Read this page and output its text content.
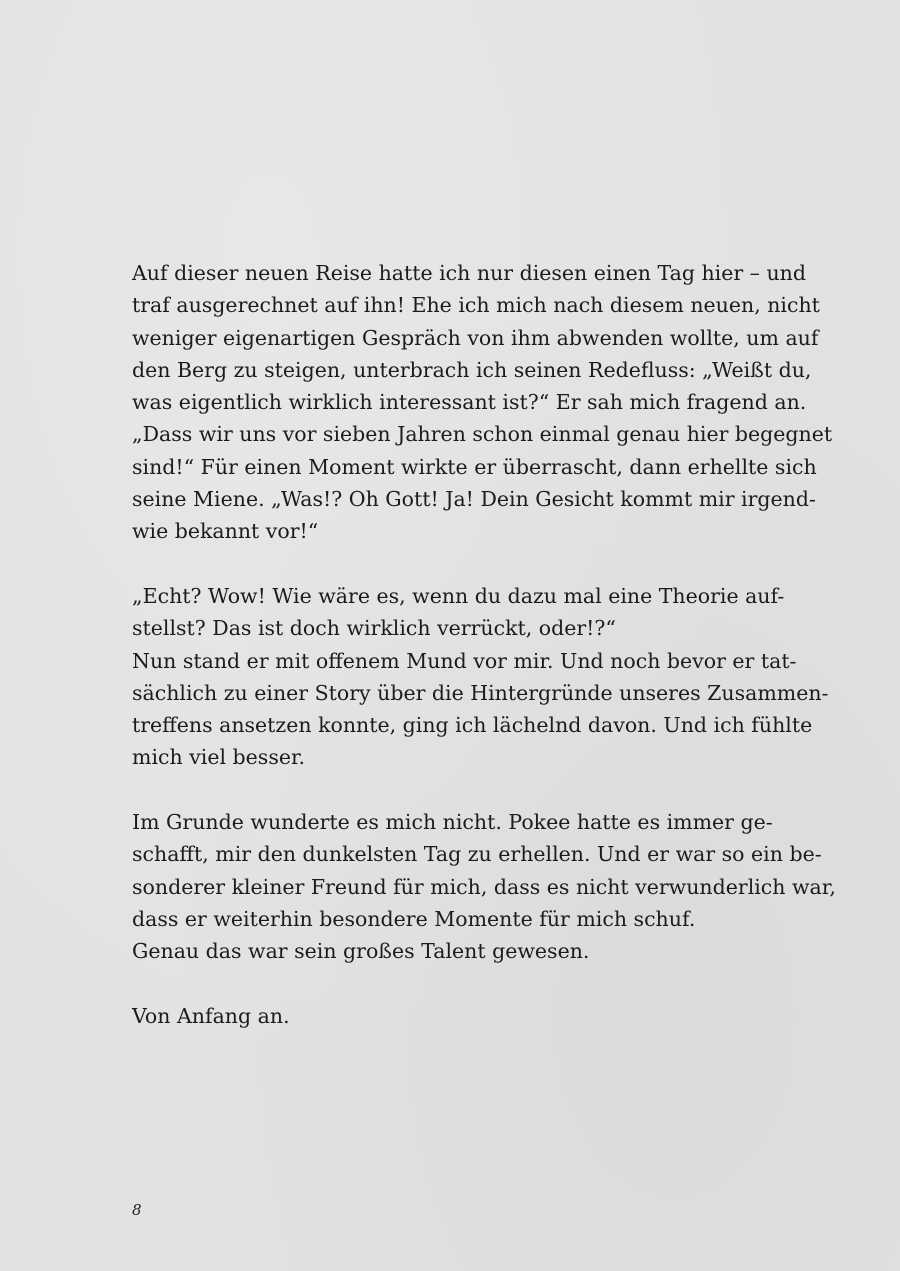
Auf dieser neuen Reise hatte ich nur diesen einen Tag hier – und
traf ausgerechnet auf ihn! Ehe ich mich nach diesem neuen, nicht
weniger eigenartigen Gespräch von ihm abwenden wollte, um auf
den Berg zu steigen, unterbrach ich seinen Redefluss: „Weißt du,
was eigentlich wirklich interessant ist?“ Er sah mich fragend an.
„Dass wir uns vor sieben Jahren schon einmal genau hier begegnet
sind!“ Für einen Moment wirkte er überrascht, dann erhellte sich
seine Miene. „Was!? Oh Gott! Ja! Dein Gesicht kommt mir irgend-
wie bekannt vor!“

„Echt? Wow! Wie wäre es, wenn du dazu mal eine Theorie auf-
stellst? Das ist doch wirklich verrückt, oder!?“
Nun stand er mit offenem Mund vor mir. Und noch bevor er tat-
sächlich zu einer Story über die Hintergründe unseres Zusammen-
treffens ansetzen konnte, ging ich lächelnd davon. Und ich fühlte
mich viel besser.

Im Grunde wunderte es mich nicht. Pokee hatte es immer ge-
schafft, mir den dunkelsten Tag zu erhellen. Und er war so ein be-
sonderer kleiner Freund für mich, dass es nicht verwunderlich war,
dass er weiterhin besondere Momente für mich schuf.
Genau das war sein großes Talent gewesen.

Von Anfang an.

8
